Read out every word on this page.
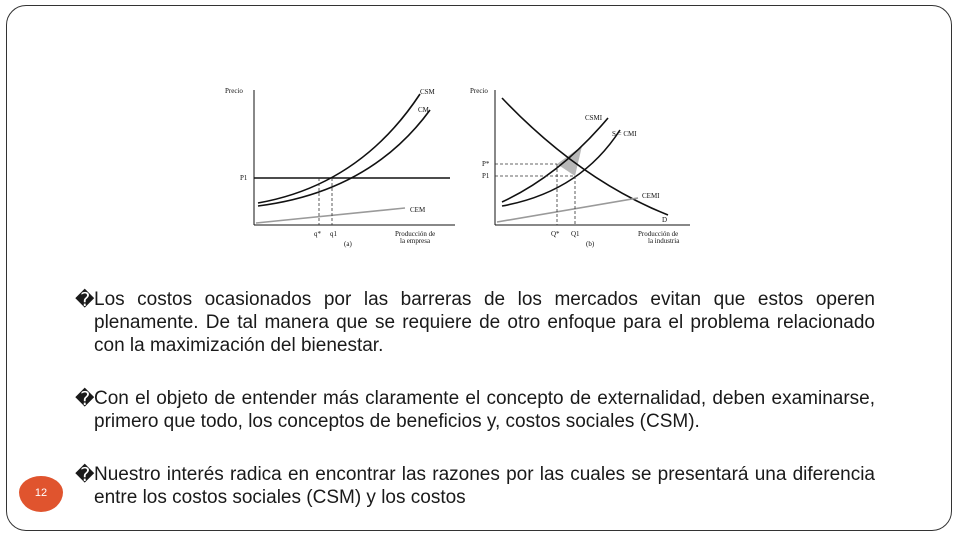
Precio	CSM
CM
CEM
P1
q* q1	Producción de
la empresa
(a)
Precio
CSMI
S = CMI
CEMI
D
P*
P1
Q* Q1	Producción de
la industria
(b)
� Los costos ocasionados por las barreras de los mercados evitan que estos operen plenamente. De tal manera que se requiere de otro enfoque para el problema relacionado con la maximización del bienestar.
� Con el objeto de entender más claramente el concepto de externalidad, deben examinarse, primero que todo, los conceptos de beneficios y, costos sociales (CSM).
� Nuestro interés radica en encontrar las razones por las cuales se presentará una diferencia entre los costos sociales (CSM) y los costos
12
